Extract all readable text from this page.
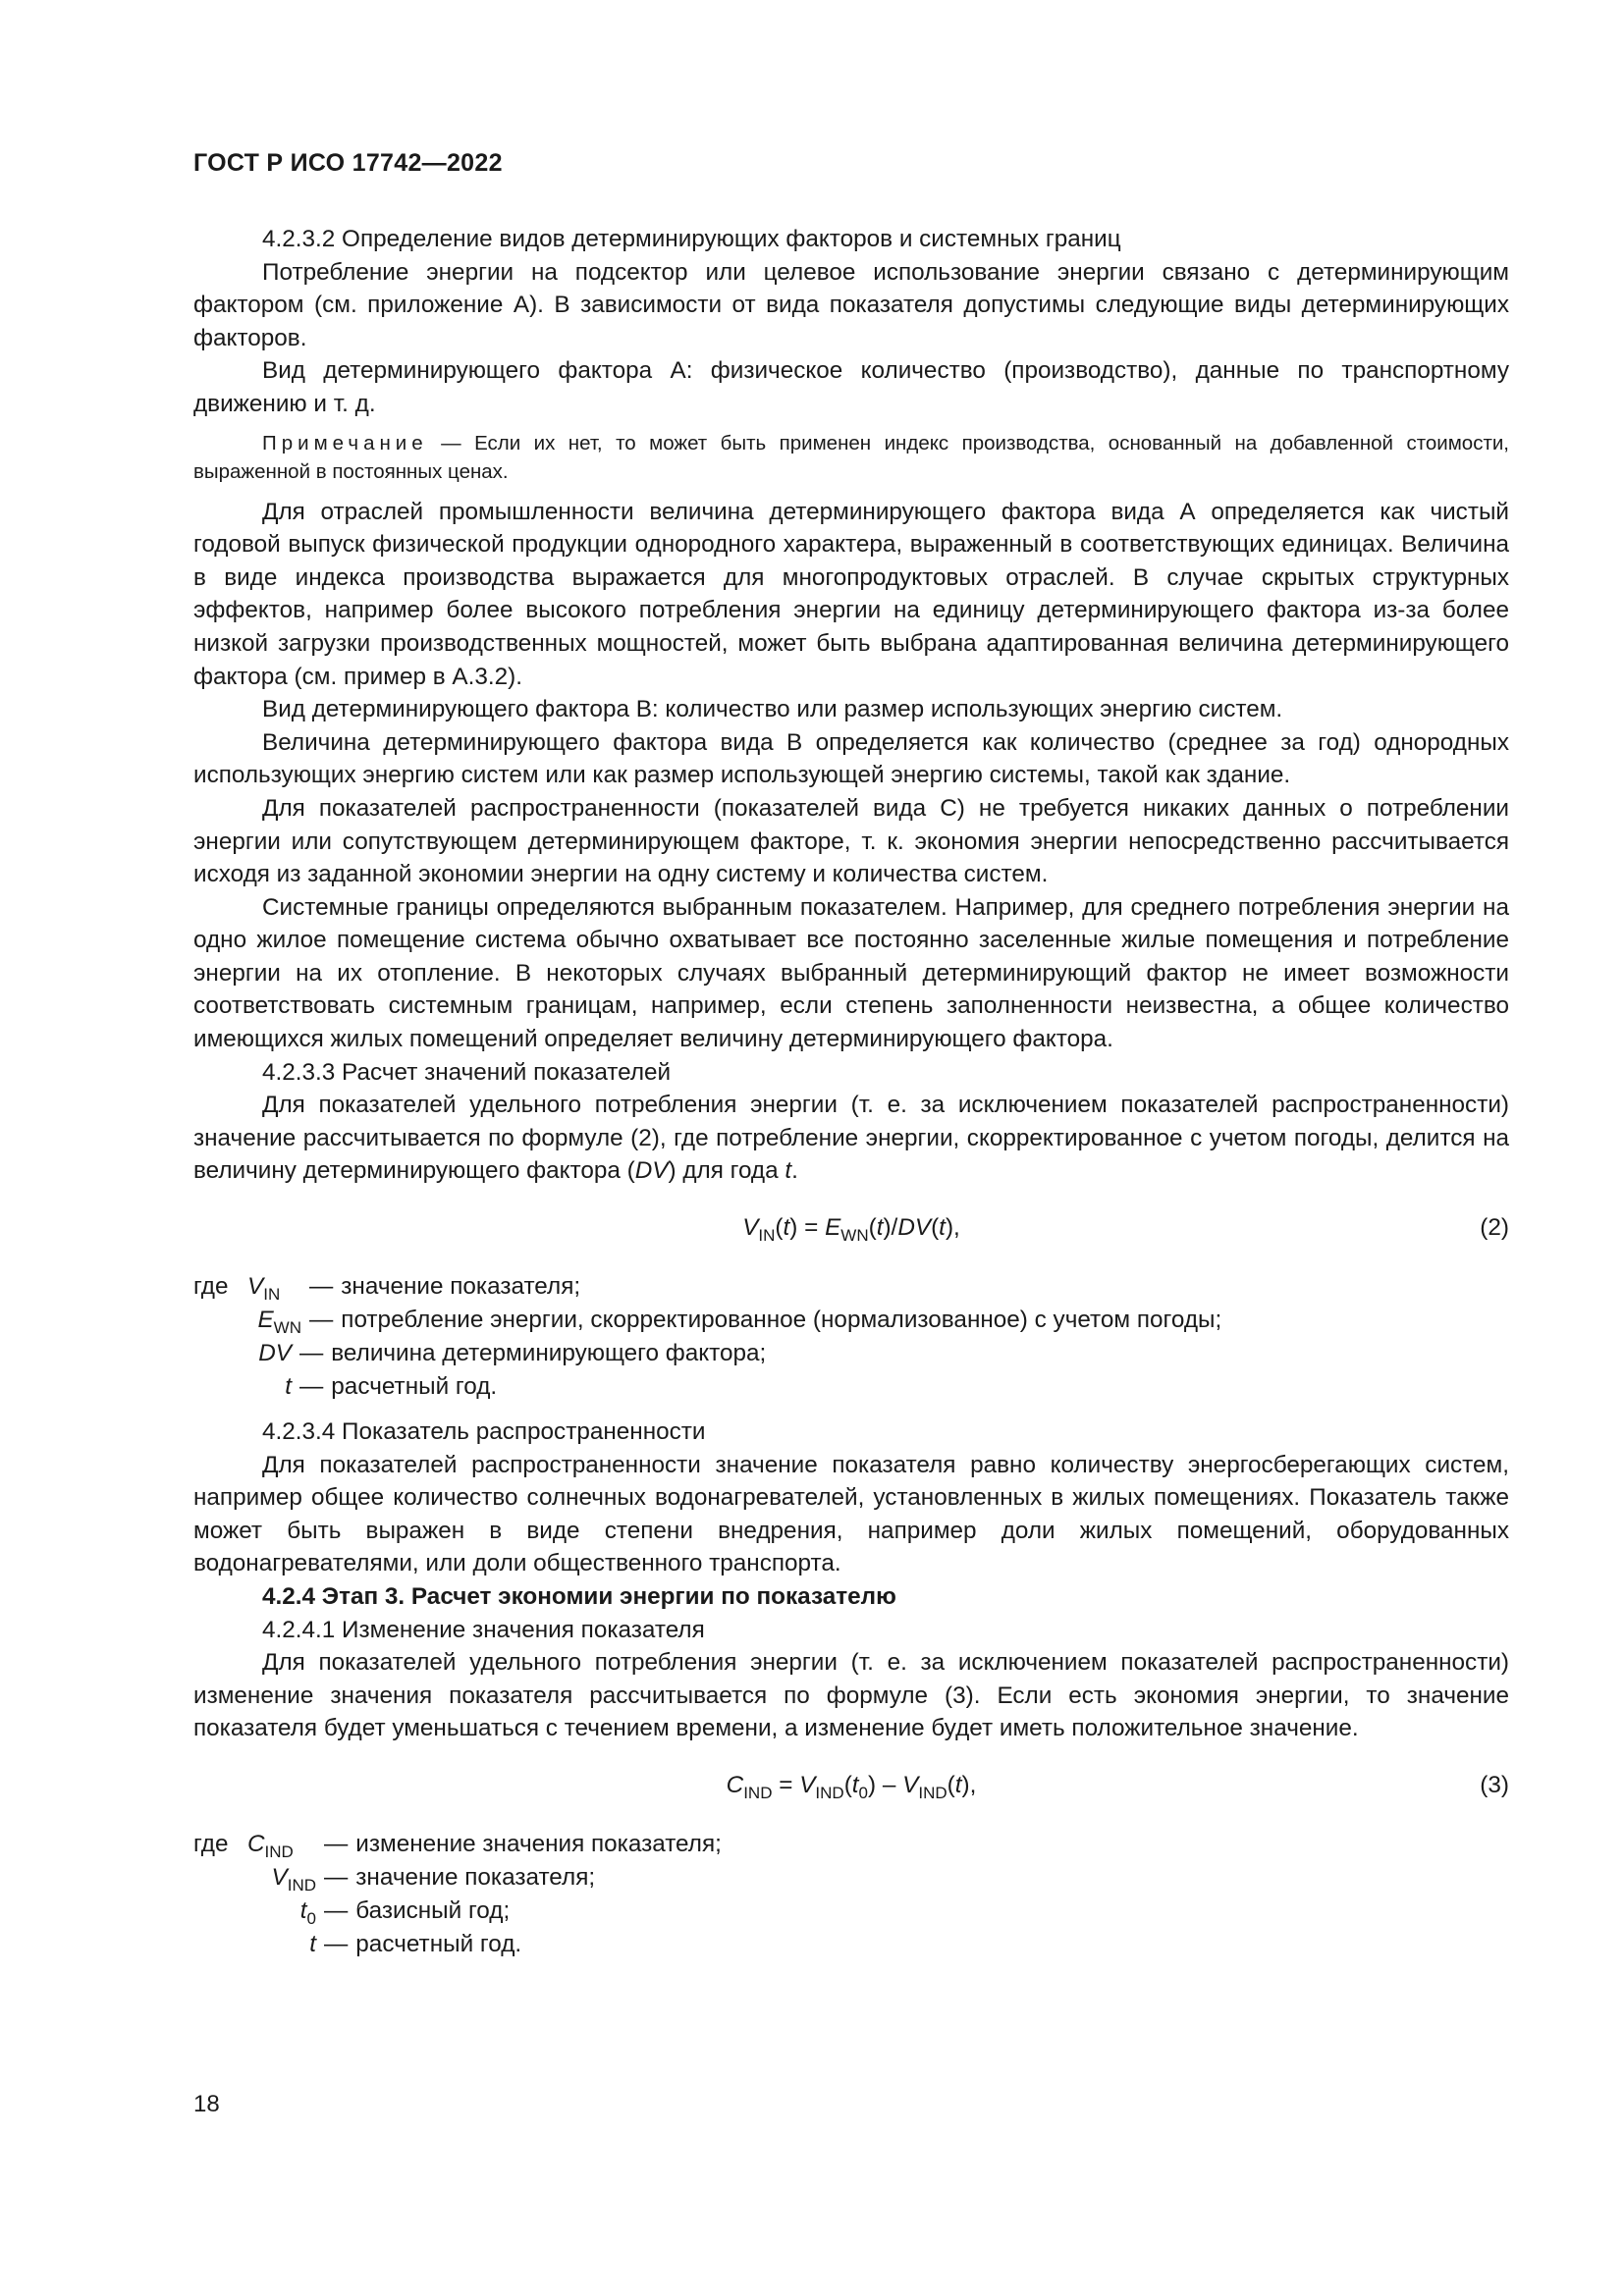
ГОСТ Р ИСО 17742—2022

4.2.3.2 Определение видов детерминирующих факторов и системных границ

Потребление энергии на подсектор или целевое использование энергии связано с детерминирующим фактором (см. приложение А). В зависимости от вида показателя допустимы следующие виды детерминирующих факторов.

Вид детерминирующего фактора А: физическое количество (производство), данные по транспортному движению и т. д.

Примечание — Если их нет, то может быть применен индекс производства, основанный на добавленной стоимости, выраженной в постоянных ценах.

Для отраслей промышленности величина детерминирующего фактора вида А определяется как чистый годовой выпуск физической продукции однородного характера, выраженный в соответствующих единицах. Величина в виде индекса производства выражается для многопродуктовых отраслей. В случае скрытых структурных эффектов, например более высокого потребления энергии на единицу детерминирующего фактора из-за более низкой загрузки производственных мощностей, может быть выбрана адаптированная величина детерминирующего фактора (см. пример в А.3.2).

Вид детерминирующего фактора В: количество или размер использующих энергию систем.

Величина детерминирующего фактора вида В определяется как количество (среднее за год) однородных использующих энергию систем или как размер использующей энергию системы, такой как здание.

Для показателей распространенности (показателей вида С) не требуется никаких данных о потреблении энергии или сопутствующем детерминирующем факторе, т. к. экономия энергии непосредственно рассчитывается исходя из заданной экономии энергии на одну систему и количества систем.

Системные границы определяются выбранным показателем. Например, для среднего потребления энергии на одно жилое помещение система обычно охватывает все постоянно заселенные жилые помещения и потребление энергии на их отопление. В некоторых случаях выбранный детерминирующий фактор не имеет возможности соответствовать системным границам, например, если степень заполненности неизвестна, а общее количество имеющихся жилых помещений определяет величину детерминирующего фактора.

4.2.3.3 Расчет значений показателей

Для показателей удельного потребления энергии (т. е. за исключением показателей распространенности) значение рассчитывается по формуле (2), где потребление энергии, скорректированное с учетом погоды, делится на величину детерминирующего фактора (DV) для года t.

$V_{IN}(t) = E_{WN}(t)/DV(t)$,	(2)
где $V_{IN}$	— значение показателя;
$E_{WN}$ — потребление энергии, скорректированное (нормализованное) с учетом погоды;
DV — величина детерминирующего фактора;
t — расчетный год.

4.2.3.4 Показатель распространенности

Для показателей распространенности значение показателя равно количеству энергосберегающих систем, например общее количество солнечных водонагревателей, установленных в жилых помещениях. Показатель также может быть выражен в виде степени внедрения, например доли жилых помещений, оборудованных водонагревателями, или доли общественного транспорта.

4.2.4 Этап 3. Расчет экономии энергии по показателю

4.2.4.1 Изменение значения показателя

Для показателей удельного потребления энергии (т. е. за исключением показателей распространенности) изменение значения показателя рассчитывается по формуле (3). Если есть экономия энергии, то значение показателя будет уменьшаться с течением времени, а изменение будет иметь положительное значение.

$C_{IND} = V_{IND}(t_0) - V_{IND}(t)$,	(3)
где $C_{IND}$	— изменение значения показателя;
$V_{IND}$ — значение показателя;
$t_0$ — базисный год;
t — расчетный год.
18
